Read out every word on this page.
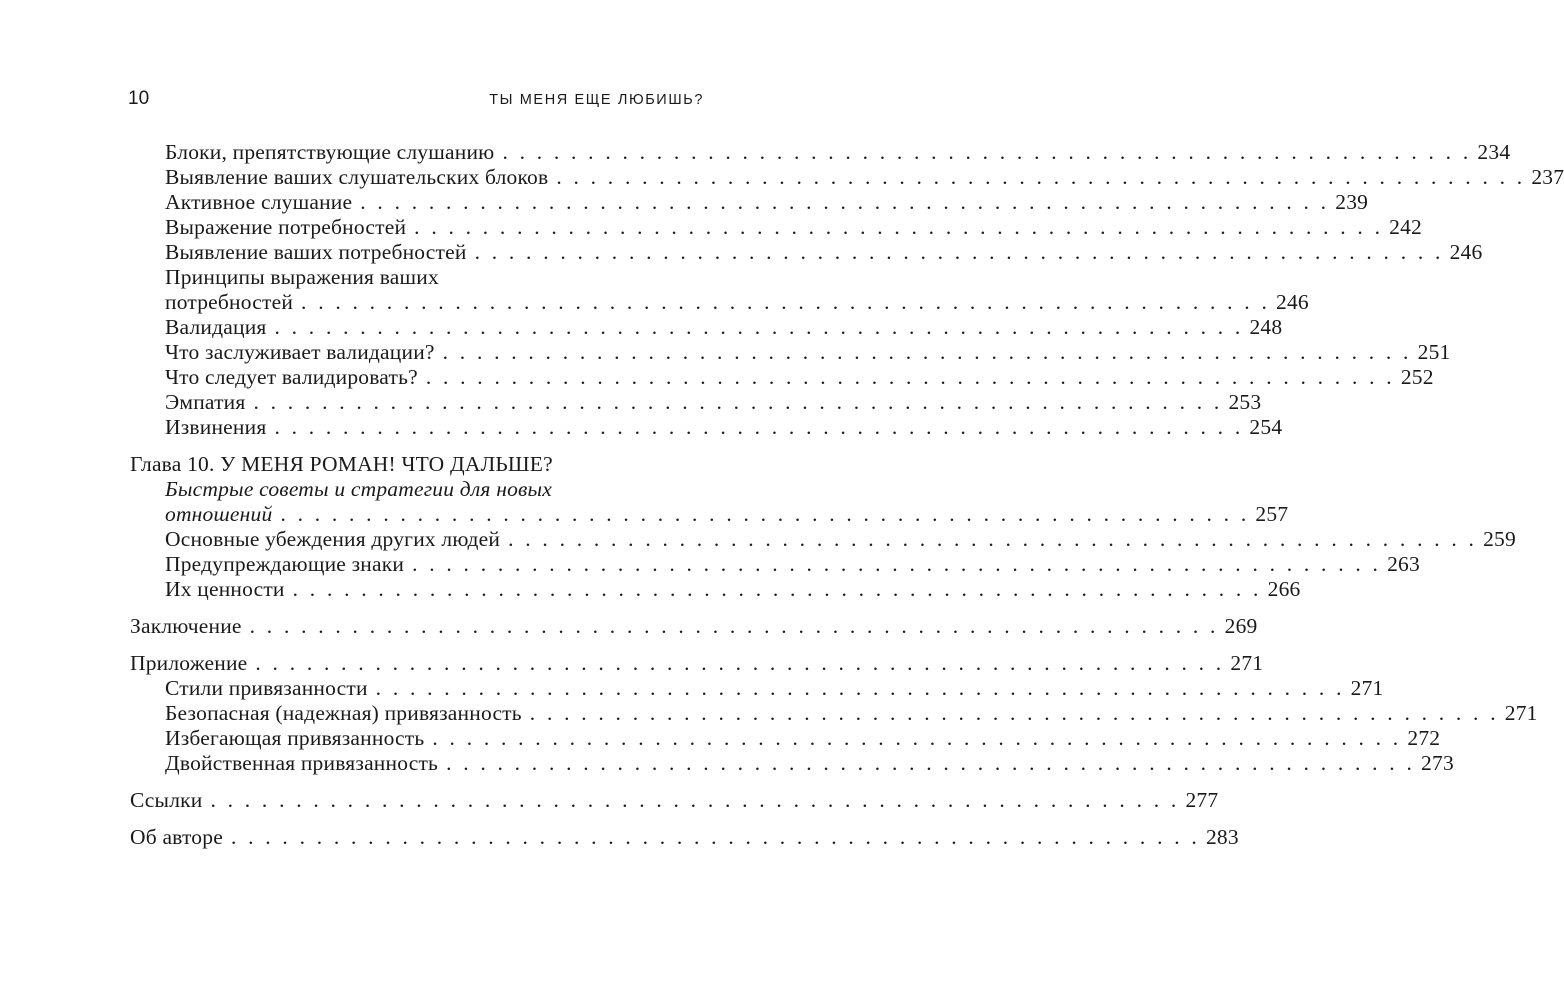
10	ТЫ МЕНЯ ЕЩЕ ЛЮБИШЬ?
Блоки, препятствующие слушанию . . . . . . . . . . . . . . . . . . . . . . . . . . . . . . . . . . . . . . . . . . . . . . . . . . . . . . . . . 234
Выявление ваших слушательских блоков . . . . . . . . . . . . . . . . . . . . . . . . . . . . . . . . . . . . . . . . . . . . . . . . . . . . . . . . . 237
Активное слушание . . . . . . . . . . . . . . . . . . . . . . . . . . . . . . . . . . . . . . . . . . . . . . . . . . . . . . . . . 239
Выражение потребностей . . . . . . . . . . . . . . . . . . . . . . . . . . . . . . . . . . . . . . . . . . . . . . . . . . . . . . . . . 242
Выявление ваших потребностей . . . . . . . . . . . . . . . . . . . . . . . . . . . . . . . . . . . . . . . . . . . . . . . . . . . . . . . . . 246
Принципы выражения ваших
потребностей . . . . . . . . . . . . . . . . . . . . . . . . . . . . . . . . . . . . . . . . . . . . . . . . . . . . . . . . . 246
Валидация . . . . . . . . . . . . . . . . . . . . . . . . . . . . . . . . . . . . . . . . . . . . . . . . . . . . . . . . . 248
Что заслуживает валидации? . . . . . . . . . . . . . . . . . . . . . . . . . . . . . . . . . . . . . . . . . . . . . . . . . . . . . . . . . 251
Что следует валидировать? . . . . . . . . . . . . . . . . . . . . . . . . . . . . . . . . . . . . . . . . . . . . . . . . . . . . . . . . . 252
Эмпатия . . . . . . . . . . . . . . . . . . . . . . . . . . . . . . . . . . . . . . . . . . . . . . . . . . . . . . . . . 253
Извинения . . . . . . . . . . . . . . . . . . . . . . . . . . . . . . . . . . . . . . . . . . . . . . . . . . . . . . . . . 254
Глава 10. У МЕНЯ РОМАН! ЧТО ДАЛЬШЕ?
Быстрые советы и стратегии для новых
отношений . . . . . . . . . . . . . . . . . . . . . . . . . . . . . . . . . . . . . . . . . . . . . . . . . . . . . . . . . 257
Основные убеждения других людей . . . . . . . . . . . . . . . . . . . . . . . . . . . . . . . . . . . . . . . . . . . . . . . . . . . . . . . . . 259
Предупреждающие знаки . . . . . . . . . . . . . . . . . . . . . . . . . . . . . . . . . . . . . . . . . . . . . . . . . . . . . . . . . 263
Их ценности . . . . . . . . . . . . . . . . . . . . . . . . . . . . . . . . . . . . . . . . . . . . . . . . . . . . . . . . . 266
Заключение . . . . . . . . . . . . . . . . . . . . . . . . . . . . . . . . . . . . . . . . . . . . . . . . . . . . . . . . . 269
Приложение . . . . . . . . . . . . . . . . . . . . . . . . . . . . . . . . . . . . . . . . . . . . . . . . . . . . . . . . . 271
Стили привязанности . . . . . . . . . . . . . . . . . . . . . . . . . . . . . . . . . . . . . . . . . . . . . . . . . . . . . . . . . 271
Безопасная (надежная) привязанность . . . . . . . . . . . . . . . . . . . . . . . . . . . . . . . . . . . . . . . . . . . . . . . . . . . . . . . . . 271
Избегающая привязанность . . . . . . . . . . . . . . . . . . . . . . . . . . . . . . . . . . . . . . . . . . . . . . . . . . . . . . . . . 272
Двойственная привязанность . . . . . . . . . . . . . . . . . . . . . . . . . . . . . . . . . . . . . . . . . . . . . . . . . . . . . . . . . 273
Ссылки . . . . . . . . . . . . . . . . . . . . . . . . . . . . . . . . . . . . . . . . . . . . . . . . . . . . . . . . . 277
Об авторе . . . . . . . . . . . . . . . . . . . . . . . . . . . . . . . . . . . . . . . . . . . . . . . . . . . . . . . . . 283
